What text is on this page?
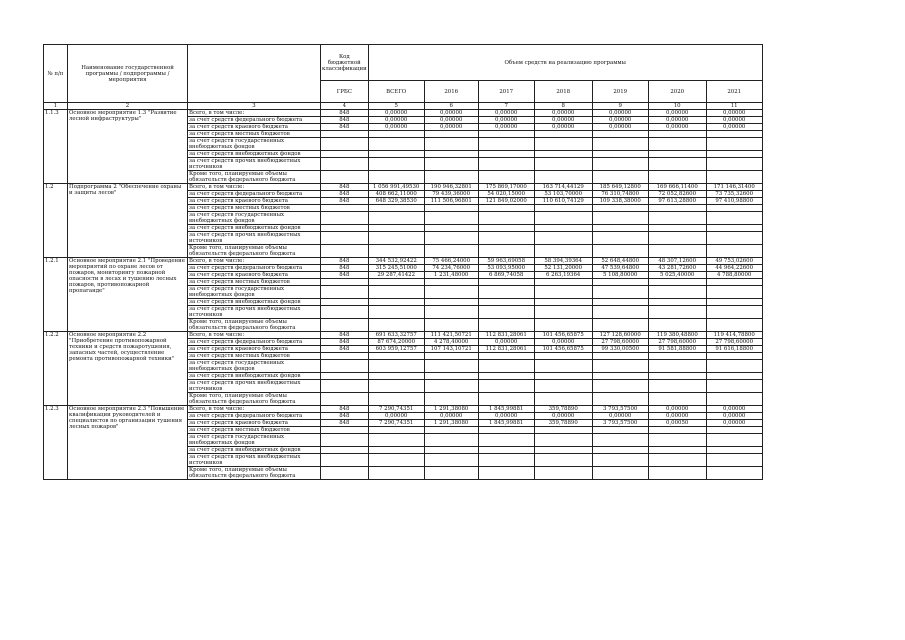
№ п/п	Наименование государственной программы / подпрограммы / мероприятия		Код бюджетной классификации	Объем средств на реализацию программы						
			ГРБС	ВСЕГО	2016	2017	2018	2019	2020	2021
1	2	3	4	5	6	7	8	9	10	11
1.1.3	Основное мероприятие 1.3 "Развитие лесной инфраструктуры"	Всего, в том числе:	848	0,00000	0,00000	0,00000	0,00000	0,00000	0,00000	0,00000
		за счет средств федерального бюджета	848	0,00000	0,00000	0,00000	0,00000	0,00000	0,00000	0,00000
		за счет средств краевого бюджета	848	0,00000	0,00000	0,00000	0,00000	0,00000	0,00000	0,00000
		за счет средств местных бюджетов								
		за счет средств государственных внебюджетных фондов								
		за счет средств внебюджетных фондов								
		за счет средств прочих внебюджетных источников								
		Кроме того, планируемые объемы обязательств федерального бюджета								
1.2	Подпрограмма 2 "Обеспечение охраны и защиты лесов"	Всего, в том числе:	848	1 056 991,49530	190 946,32801	175 869,17000	163 714,44129	185 649,12800	169 666,11400	171 146,31400
		за счет средств федерального бюджета	848	408 662,11000	79 439,36000	54 020,15000	53 103,70000	76 310,74800	72 052,82600	73 735,32600
		за счет средств краевого бюджета	848	648 329,38530	111 506,96801	121 849,02000	110 610,74129	109 338,38000	97 613,28800	97 410,98800
		за счет средств местных бюджетов								
		за счет средств государственных внебюджетных фондов								
		за счет средств внебюджетных фондов								
		за счет средств прочих внебюджетных источников								
		Кроме того, планируемые объемы обязательств федерального бюджета								
1.2.1	Основное мероприятие 2.1 "Проведение мероприятий по охране лесов от пожаров, мониторингу пожарной опасности в лесах и тушению лесных пожаров, противопожарной пропаганде"	Всего, в том числе:	848	344 532,92422	75 466,24000	59 963,69058	58 394,39364	52 648,44800	48 307,12600	49 753,02600
		за счет средств федерального бюджета	848	315 245,51000	74 234,76000	53 093,95000	52 131,20000	47 539,64800	43 281,72600	44 964,22600
		за счет средств краевого бюджета	848	29 287,41422	1 231,48000	6 869,74058	6 263,19364	5 108,80000	5 025,40000	4 788,80000
		за счет средств местных бюджетов								
		за счет средств государственных внебюджетных фондов								
		за счет средств внебюджетных фондов								
		за счет средств прочих внебюджетных источников								
		Кроме того, планируемые объемы обязательств федерального бюджета								
1.2.2	Основное мероприятие 2.2 "Приобретение противопожарной техники и средств пожаротушения, запасных частей, осуществление ремонта противопожарной техники"	Всего, в том числе:	848	691 633,32757	111 421,50721	112 831,28061	101 456,65875	127 128,60000	119 380,48800	119 414,78800
		за счет средств федерального бюджета	848	87 674,20000	4 278,40000	0,00000	0,00000	27 798,60000	27 798,60000	27 798,60000
		за счет средств краевого бюджета	848	603 959,12757	107 143,10721	112 831,28061	101 456,65875	99 330,00500	91 581,88800	91 616,18800
		за счет средств местных бюджетов								
		за счет средств государственных внебюджетных фондов								
		за счет средств внебюджетных фондов								
		за счет средств прочих внебюджетных источников								
		Кроме того, планируемые объемы обязательств федерального бюджета								
1.2.3	Основное мероприятие 2.3 "Повышение квалификации руководителей и специалистов по организации тушения лесных пожаров"	Всего, в том числе:	848	7 290,74351	1 291,38080	1 845,99881	359,78890	3 793,57500	0,00000	0,00000
		за счет средств федерального бюджета	848	0,00000	0,00000	0,00000	0,00000	0,00000	0,00000	0,00000
		за счет средств краевого бюджета	848	7 290,74351	1 291,38080	1 845,99881	359,78890	3 793,57500	0,00050	0,00000
		за счет средств местных бюджетов								
		за счет средств государственных внебюджетных фондов								
		за счет средств внебюджетных фондов								
		за счет средств прочих внебюджетных источников								
		Кроме того, планируемые объемы обязательств федерального бюджета								
